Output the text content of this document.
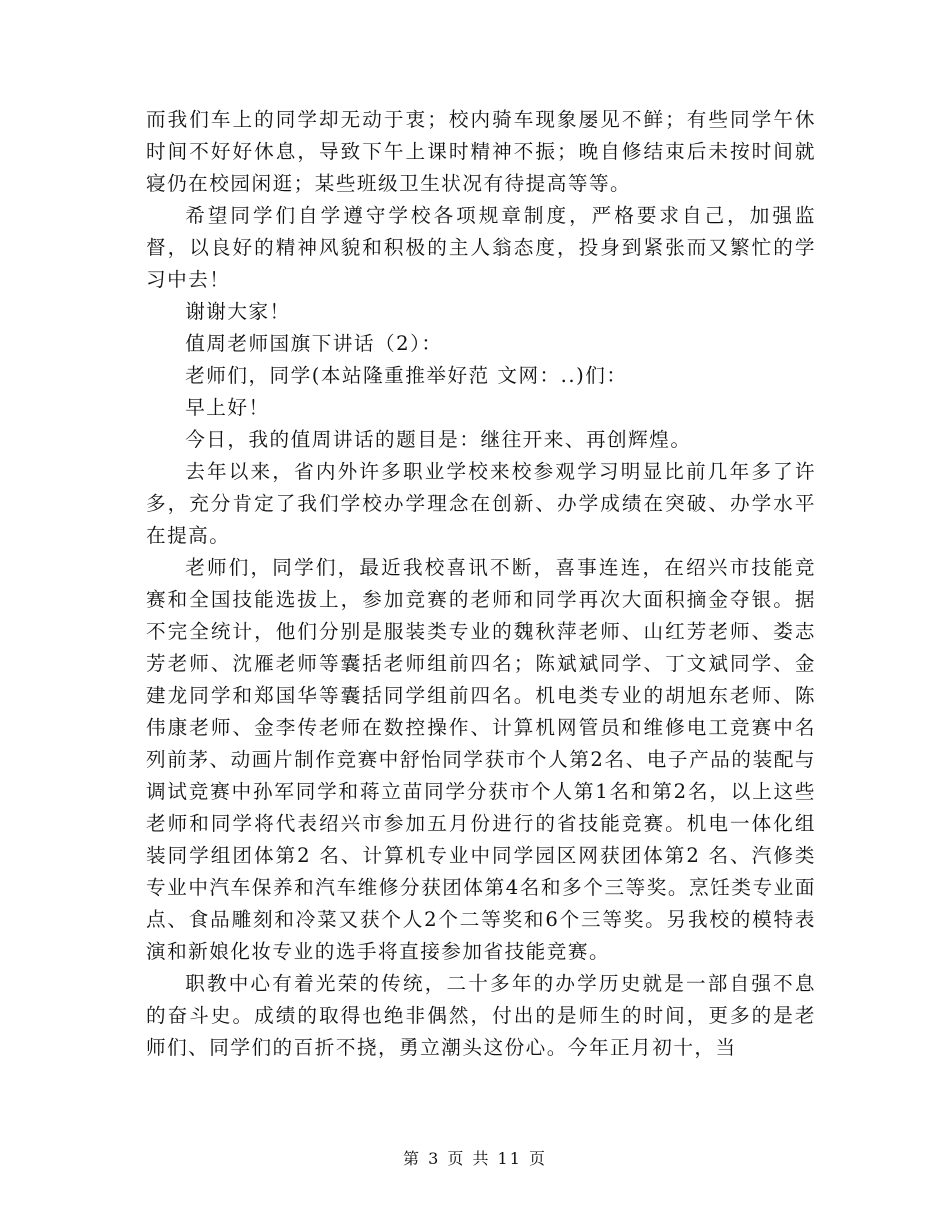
而我们车上的同学却无动于衷；校内骑车现象屡见不鲜；有些同学午休时间不好好休息，导致下午上课时精神不振；晚自修结束后未按时间就寝仍在校园闲逛；某些班级卫生状况有待提高等等。

希望同学们自学遵守学校各项规章制度，严格要求自己，加强监督，以良好的精神风貌和积极的主人翁态度，投身到紧张而又繁忙的学习中去！

谢谢大家！

值周老师国旗下讲话（2）：

老师们，同学(本站隆重推举好范 文网：..)们：

早上好！

今日，我的值周讲话的题目是：继往开来、再创辉煌。

去年以来，省内外许多职业学校来校参观学习明显比前几年多了许多，充分肯定了我们学校办学理念在创新、办学成绩在突破、办学水平在提高。

老师们，同学们，最近我校喜讯不断，喜事连连，在绍兴市技能竞赛和全国技能选拔上，参加竞赛的老师和同学再次大面积摘金夺银。据不完全统计，他们分别是服装类专业的魏秋萍老师、山红芳老师、娄志芳老师、沈雁老师等囊括老师组前四名；陈斌斌同学、丁文斌同学、金建龙同学和郑国华等囊括同学组前四名。机电类专业的胡旭东老师、陈伟康老师、金李传老师在数控操作、计算机网管员和维修电工竞赛中名列前茅、动画片制作竞赛中舒怡同学获市个人第2名、电子产品的装配与调试竞赛中孙军同学和蒋立苗同学分获市个人第1名和第2名，以上这些老师和同学将代表绍兴市参加五月份进行的省技能竞赛。机电一体化组装同学组团体第2 名、计算机专业中同学园区网获团体第2 名、汽修类专业中汽车保养和汽车维修分获团体第4名和多个三等奖。烹饪类专业面点、食品雕刻和冷菜又获个人2个二等奖和6个三等奖。另我校的模特表演和新娘化妆专业的选手将直接参加省技能竞赛。

职教中心有着光荣的传统，二十多年的办学历史就是一部自强不息的奋斗史。成绩的取得也绝非偶然，付出的是师生的时间，更多的是老师们、同学们的百折不挠，勇立潮头这份心。今年正月初十，当

第 3 页 共 11 页
